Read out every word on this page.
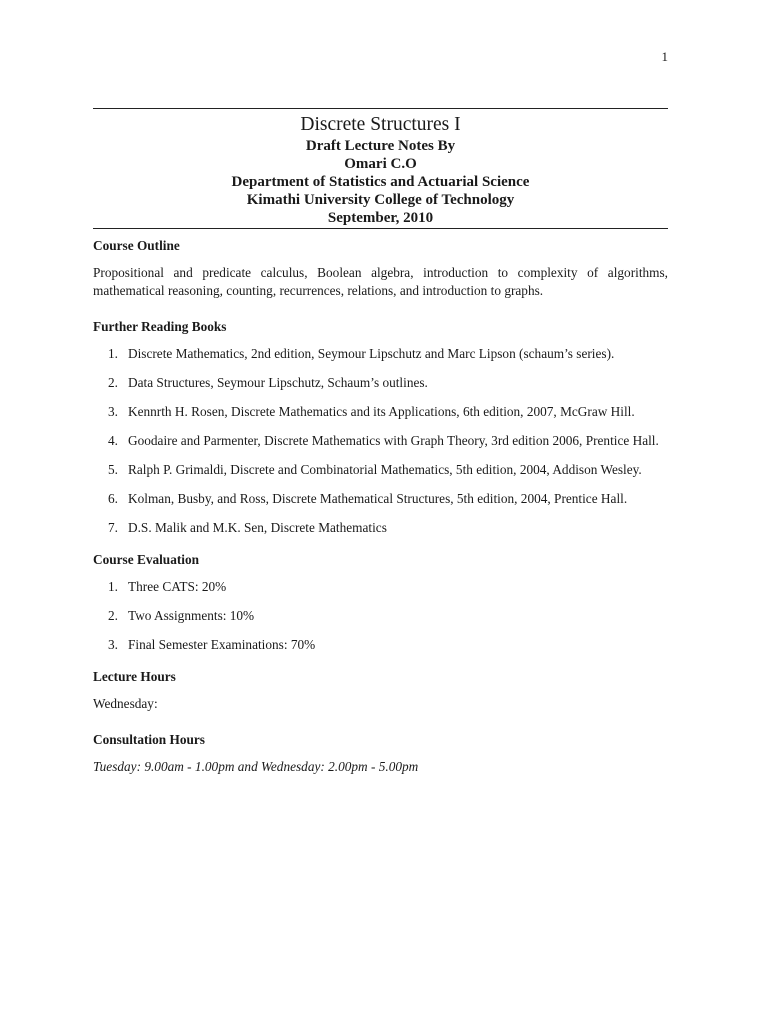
1
Discrete Structures I
Draft Lecture Notes By
Omari C.O
Department of Statistics and Actuarial Science
Kimathi University College of Technology
September, 2010
Course Outline

Propositional and predicate calculus, Boolean algebra, introduction to complexity of algorithms, mathematical reasoning, counting, recurrences, relations, and introduction to graphs.

Further Reading Books
1. Discrete Mathematics, 2nd edition, Seymour Lipschutz and Marc Lipson (schaum’s series).
2. Data Structures, Seymour Lipschutz, Schaum’s outlines.
3. Kennrth H. Rosen, Discrete Mathematics and its Applications, 6th edition, 2007, McGraw Hill.
4. Goodaire and Parmenter, Discrete Mathematics with Graph Theory, 3rd edition 2006, Prentice Hall.
5. Ralph P. Grimaldi, Discrete and Combinatorial Mathematics, 5th edition, 2004, Addison Wesley.
6. Kolman, Busby, and Ross, Discrete Mathematical Structures, 5th edition, 2004, Prentice Hall.
7. D.S. Malik and M.K. Sen, Discrete Mathematics
Course Evaluation
1. Three CATS: 20%
2. Two Assignments: 10%
3. Final Semester Examinations: 70%
Lecture Hours

Wednesday:

Consultation Hours

Tuesday: 9.00am - 1.00pm and Wednesday: 2.00pm - 5.00pm
